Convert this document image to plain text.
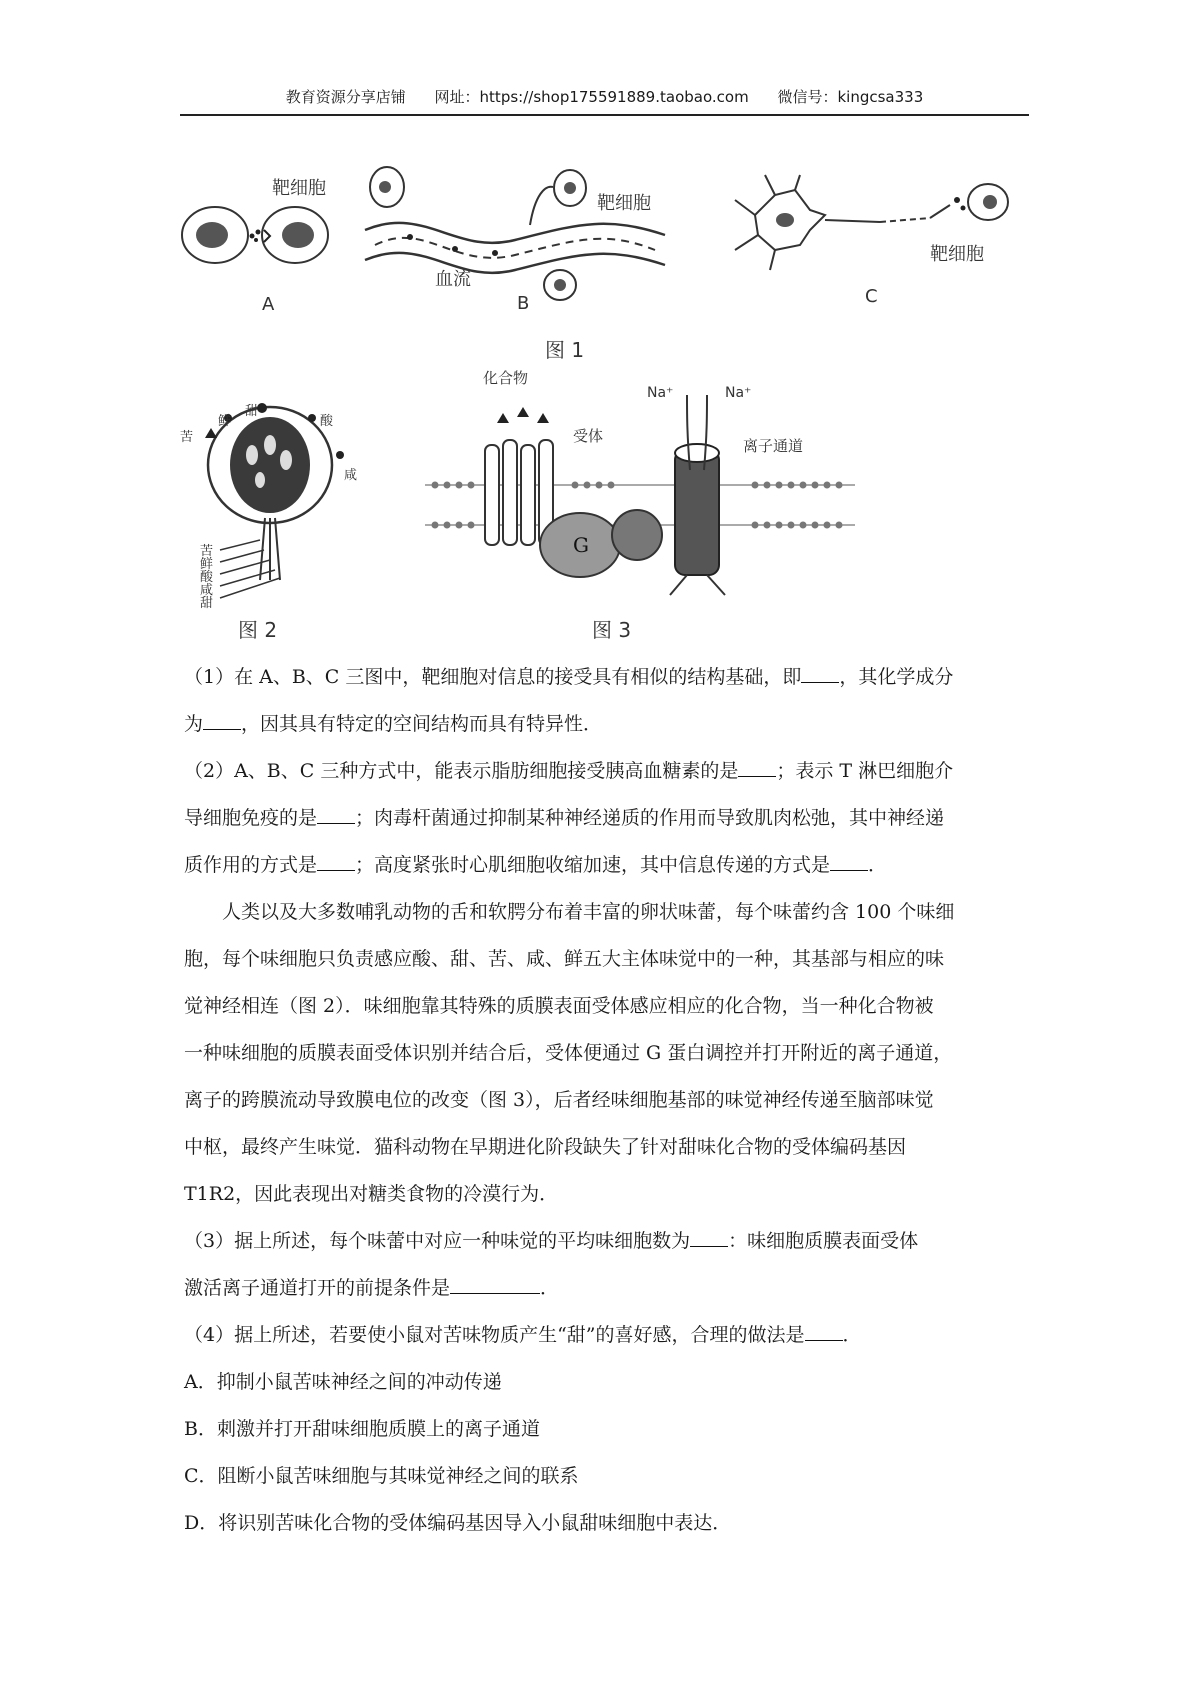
教育资源分享店铺 网址：https://shop175591889.taobao.com 微信号：kingcsa333
靶细胞
A
靶细胞
血流
B
靶细胞
C
图 1
苦
鲜
甜
酸
咸
苦
鲜
酸
咸
甜
图 2
G
化合物
受体
离子通道
Na⁺	Na⁺
图 3

（1）在 A、B、C 三图中，靶细胞对信息的接受具有相似的结构基础，即 ，其化学成分
为 ，因其具有特定的空间结构而具有特异性．

（2）A、B、C 三种方式中，能表示脂肪细胞接受胰高血糖素的是 ；表示 T 淋巴细胞介
导细胞免疫的是 ；肉毒杆菌通过抑制某种神经递质的作用而导致肌肉松弛，其中神经递
质作用的方式是 ；高度紧张时心肌细胞收缩加速，其中信息传递的方式是 ．

人类以及大多数哺乳动物的舌和软腭分布着丰富的卵状味蕾，每个味蕾约含 100 个味细
胞，每个味细胞只负责感应酸、甜、苦、咸、鲜五大主体味觉中的一种，其基部与相应的味
觉神经相连（图 2）．味细胞靠其特殊的质膜表面受体感应相应的化合物，当一种化合物被
一种味细胞的质膜表面受体识别并结合后，受体便通过 G 蛋白调控并打开附近的离子通道，
离子的跨膜流动导致膜电位的改变（图 3），后者经味细胞基部的味觉神经传递至脑部味觉
中枢，最终产生味觉．猫科动物在早期进化阶段缺失了针对甜味化合物的受体编码基因
T1R2，因此表现出对糖类食物的冷漠行为．

（3）据上所述，每个味蕾中对应一种味觉的平均味细胞数为 ：味细胞质膜表面受体
激活离子通道打开的前提条件是	．

（4）据上所述，若要使小鼠对苦味物质产生“甜”的喜好感，合理的做法是 ．

A．抑制小鼠苦味神经之间的冲动传递

B．刺激并打开甜味细胞质膜上的离子通道

C．阻断小鼠苦味细胞与其味觉神经之间的联系

D．将识别苦味化合物的受体编码基因导入小鼠甜味细胞中表达．
